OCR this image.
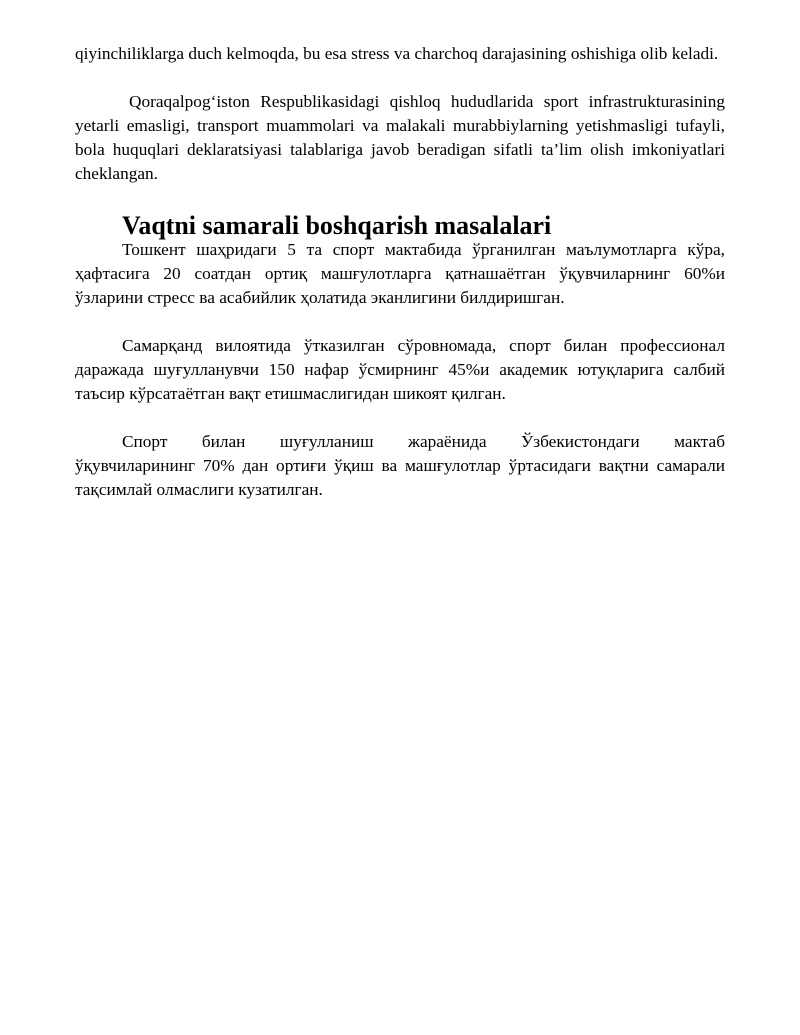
qiyinchiliklarga duch kelmoqda, bu esa stress va charchoq darajasining oshishiga olib keladi.

Qoraqalpog‘iston Respublikasidagi qishloq hududlarida sport infrastrukturasining yetarli emasligi, transport muammolari va malakali murabbiylarning yetishmasligi tufayli, bola huquqlari deklaratsiyasi talablariga javob beradigan sifatli ta’lim olish imkoniyatlari cheklangan.

Vaqtni samarali boshqarish masalalari

Тошкент шаҳридаги 5 та спорт мактабида ўрганилган маълумотларга кўра, ҳафтасига 20 соатдан ортиқ машғулотларга қатнашаётган ўқувчиларнинг 60%и ўзларини стресс ва асабийлик ҳолатида эканлигини билдиришган.

Самарқанд вилоятида ўтказилган сўровномада, спорт билан профессионал даражада шуғулланувчи 150 нафар ўсмирнинг 45%и академик ютуқларига салбий таъсир кўрсатаётган вақт етишмаслигидан шикоят қилган.

Спорт билан шуғулланиш жараёнида Ўзбекистондаги мактаб

ўқувчиларининг 70% дан ортиғи ўқиш ва машғулотлар ўртасидаги вақтни самарали тақсимлай олмаслиги кузатилган.
